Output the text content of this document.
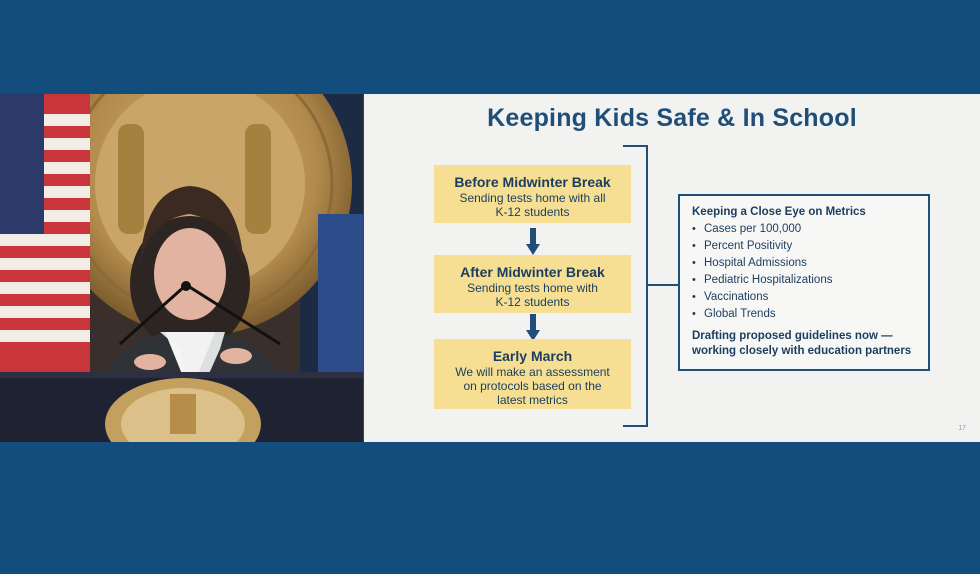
Keeping Kids Safe & In School
Before Midwinter Break
Sending tests home with all
K-12 students
After Midwinter Break
Sending tests home with
K-12 students
Early March
We will make an assessment
on protocols based on the
latest metrics
Keeping a Close Eye on Metrics
• Cases per 100,000
• Percent Positivity
• Hospital Admissions
• Pediatric Hospitalizations
• Vaccinations
• Global Trends
Drafting proposed guidelines now — working closely with education partners
17
